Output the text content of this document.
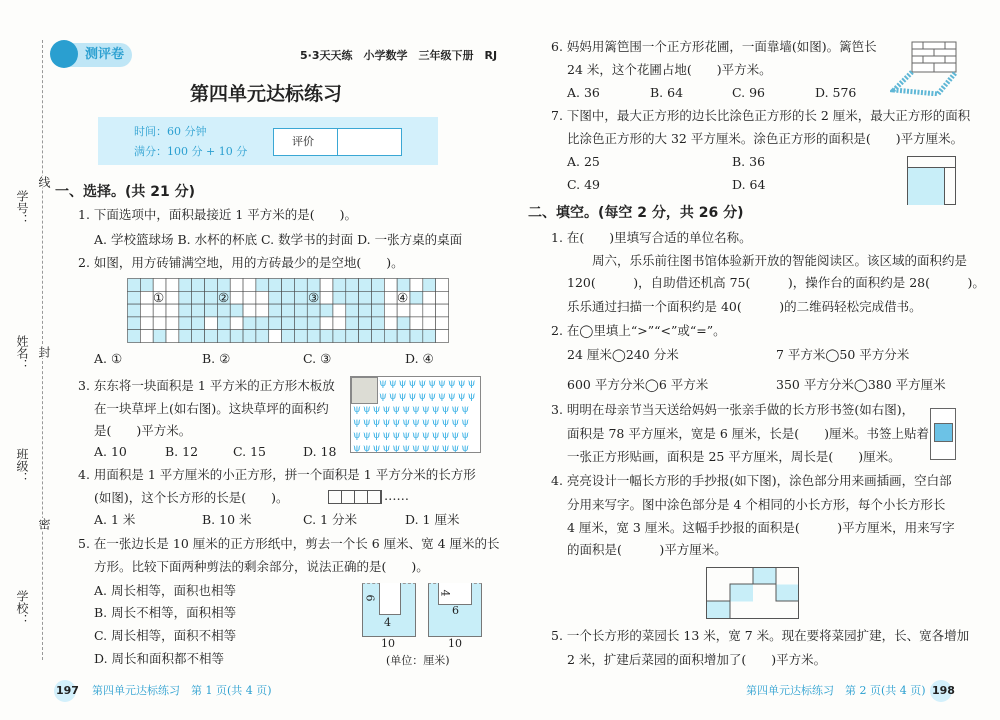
学号：
姓名：
班级：
学校：
线
封
密
测评卷	5·3天天练　小学数学　三年级下册　RJ
第四单元达标练习
时间：60 分钟
满分：100 分 + 10 分
评价
一、选择。(共 21 分)
1. 下面选项中，面积最接近 1 平方米的是(　　)。
A. 学校篮球场 B. 水杯的杯底 C. 数学书的封面 D. 一张方桌的桌面
2. 如图，用方砖铺满空地，用的方砖最少的是空地(　　)。
①	②	③	④
A. ①	B. ②	C. ③	D. ④
3. 东东将一块面积是 1 平方米的正方形木板放
在一块草坪上(如右图)。这块草坪的面积约
是(　　)平方米。
A. 10	B. 12	C. 15	D. 18
ψψψψψψψψψψ
ψψψψψψψψψψ
ψψψψψψψψψψψψ
ψψψψψψψψψψψψ
ψψψψψψψψψψψψ
ψψψψψψψψψψψψ
4. 用面积是 1 平方厘米的小正方形，拼一个面积是 1 平方分米的长方形
(如图)，这个长方形的长是(　　)。	……
A. 1 米	B. 10 米	C. 1 分米	D. 1 厘米
5. 在一张边长是 10 厘米的正方形纸中，剪去一个长 6 厘米、宽 4 厘米的长
方形。比较下面两种剪法的剩余部分，说法正确的是(　　)。
A. 周长相等，面积也相等
B. 周长不相等，面积相等
C. 周长相等，面积不相等
D. 周长和面积都不相等
6
4
10
4
6
10
(单位：厘米)
197 第四单元达标练习　第 1 页(共 4 页)
6. 妈妈用篱笆围一个正方形花圃，一面靠墙(如图)。篱笆长
24 米，这个花圃占地(　　)平方米。
A. 36	B. 64	C. 96	D. 576
7. 下图中，最大正方形的边长比涂色正方形的长 2 厘米，最大正方形的面积
比涂色正方形的大 32 平方厘米。涂色正方形的面积是(　　)平方厘米。
A. 25	B. 36
C. 49	D. 64
二、填空。(每空 2 分，共 26 分)
1. 在(　　)里填写合适的单位名称。
　　周六，乐乐前往图书馆体验新开放的智能阅读区。该区域的面积约是
120(　　　)，自助借还机高 75(　　　)，操作台的面积约是 28(　　　)。
乐乐通过扫描一个面积约是 40(　　　)的二维码轻松完成借书。
2. 在◯里填上“>”“<”或“=”。
24 厘米◯240 分米	7 平方米◯50 平方分米
600 平方分米◯6 平方米	350 平方分米◯380 平方厘米
3. 明明在母亲节当天送给妈妈一张亲手做的长方形书签(如右图)，
面积是 78 平方厘米，宽是 6 厘米，长是(　　)厘米。书签上贴着
一张正方形贴画，面积是 25 平方厘米，周长是(　　)厘米。
4. 亮亮设计一幅长方形的手抄报(如下图)，涂色部分用来画插画，空白部
分用来写字。图中涂色部分是 4 个相同的小长方形，每个小长方形长
4 厘米，宽 3 厘米。这幅手抄报的面积是(　　　)平方厘米，用来写字
的面积是(　　　)平方厘米。
5. 一个长方形的菜园长 13 米，宽 7 米。现在要将菜园扩建，长、宽各增加
2 米，扩建后菜园的面积增加了(　　)平方米。
第四单元达标练习　第 2 页(共 4 页) 198
